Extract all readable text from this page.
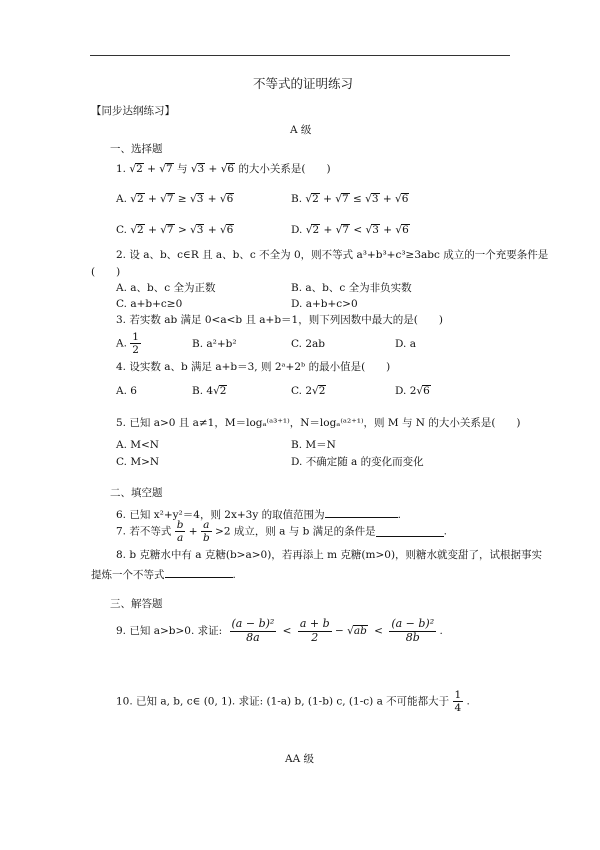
不等式的证明练习
【同步达纲练习】
A 级
一、选择题
1. √2 + √7 与 √3 + √6 的大小关系是(　　)
A. √2 + √7 ≥ √3 + √6	B. √2 + √7 ≤ √3 + √6
C. √2 + √7 > √3 + √6	D. √2 + √7 < √3 + √6
2. 设 a、b、c∈R 且 a、b、c 不全为 0，则不等式 a³+b³+c³≥3abc 成立的一个充要条件是
(　　)
A. a、b、c 全为正数	B. a、b、c 全为非负实数
C. a+b+c≥0	D. a+b+c>0
3. 若实数 ab 满足 0<a<b 且 a+b＝1，则下列因数中最大的是(　　)
A. $\frac{1}{2}$	B. a²+b²	C. 2ab	D. a
4. 设实数 a、b 满足 a+b＝3, 则 2ᵃ+2ᵇ 的最小值是(　　)
A. 6	B. 4√2	C. 2√2	D. 2√6
5. 已知 a>0 且 a≠1，M＝logₐ⁽ᵃ³⁺¹⁾，N＝logₐ⁽ᵃ²⁺¹⁾，则 M 与 N 的大小关系是(　　)
A. M<N	B. M＝N
C. M>N	D. 不确定随 a 的变化而变化
二、填空题
6. 已知 x²+y²＝4，则 2x+3y 的取值范围为	.
7. 若不等式 $\frac{b}{a} + \frac{a}{b} >2$ 成立，则 a 与 b 满足的条件是	.
8. b 克糖水中有 a 克糖(b>a>0)，若再添上 m 克糖(m>0)，则糖水就变甜了，试根据事实
提炼一个不等式	.
三、解答题
9. 已知 a>b>0. 求证: $\frac{\text{(a − b)²}}{8a} < \frac{a + b}{2} - √ab < \frac{\text{(a − b)²}}{8b}$ .
10. 已知 a, b, c∈ (0, 1). 求证: (1-a) b, (1-b) c, (1-c) a 不可能都大于 $\frac{1}{4}$ .
AA 级
